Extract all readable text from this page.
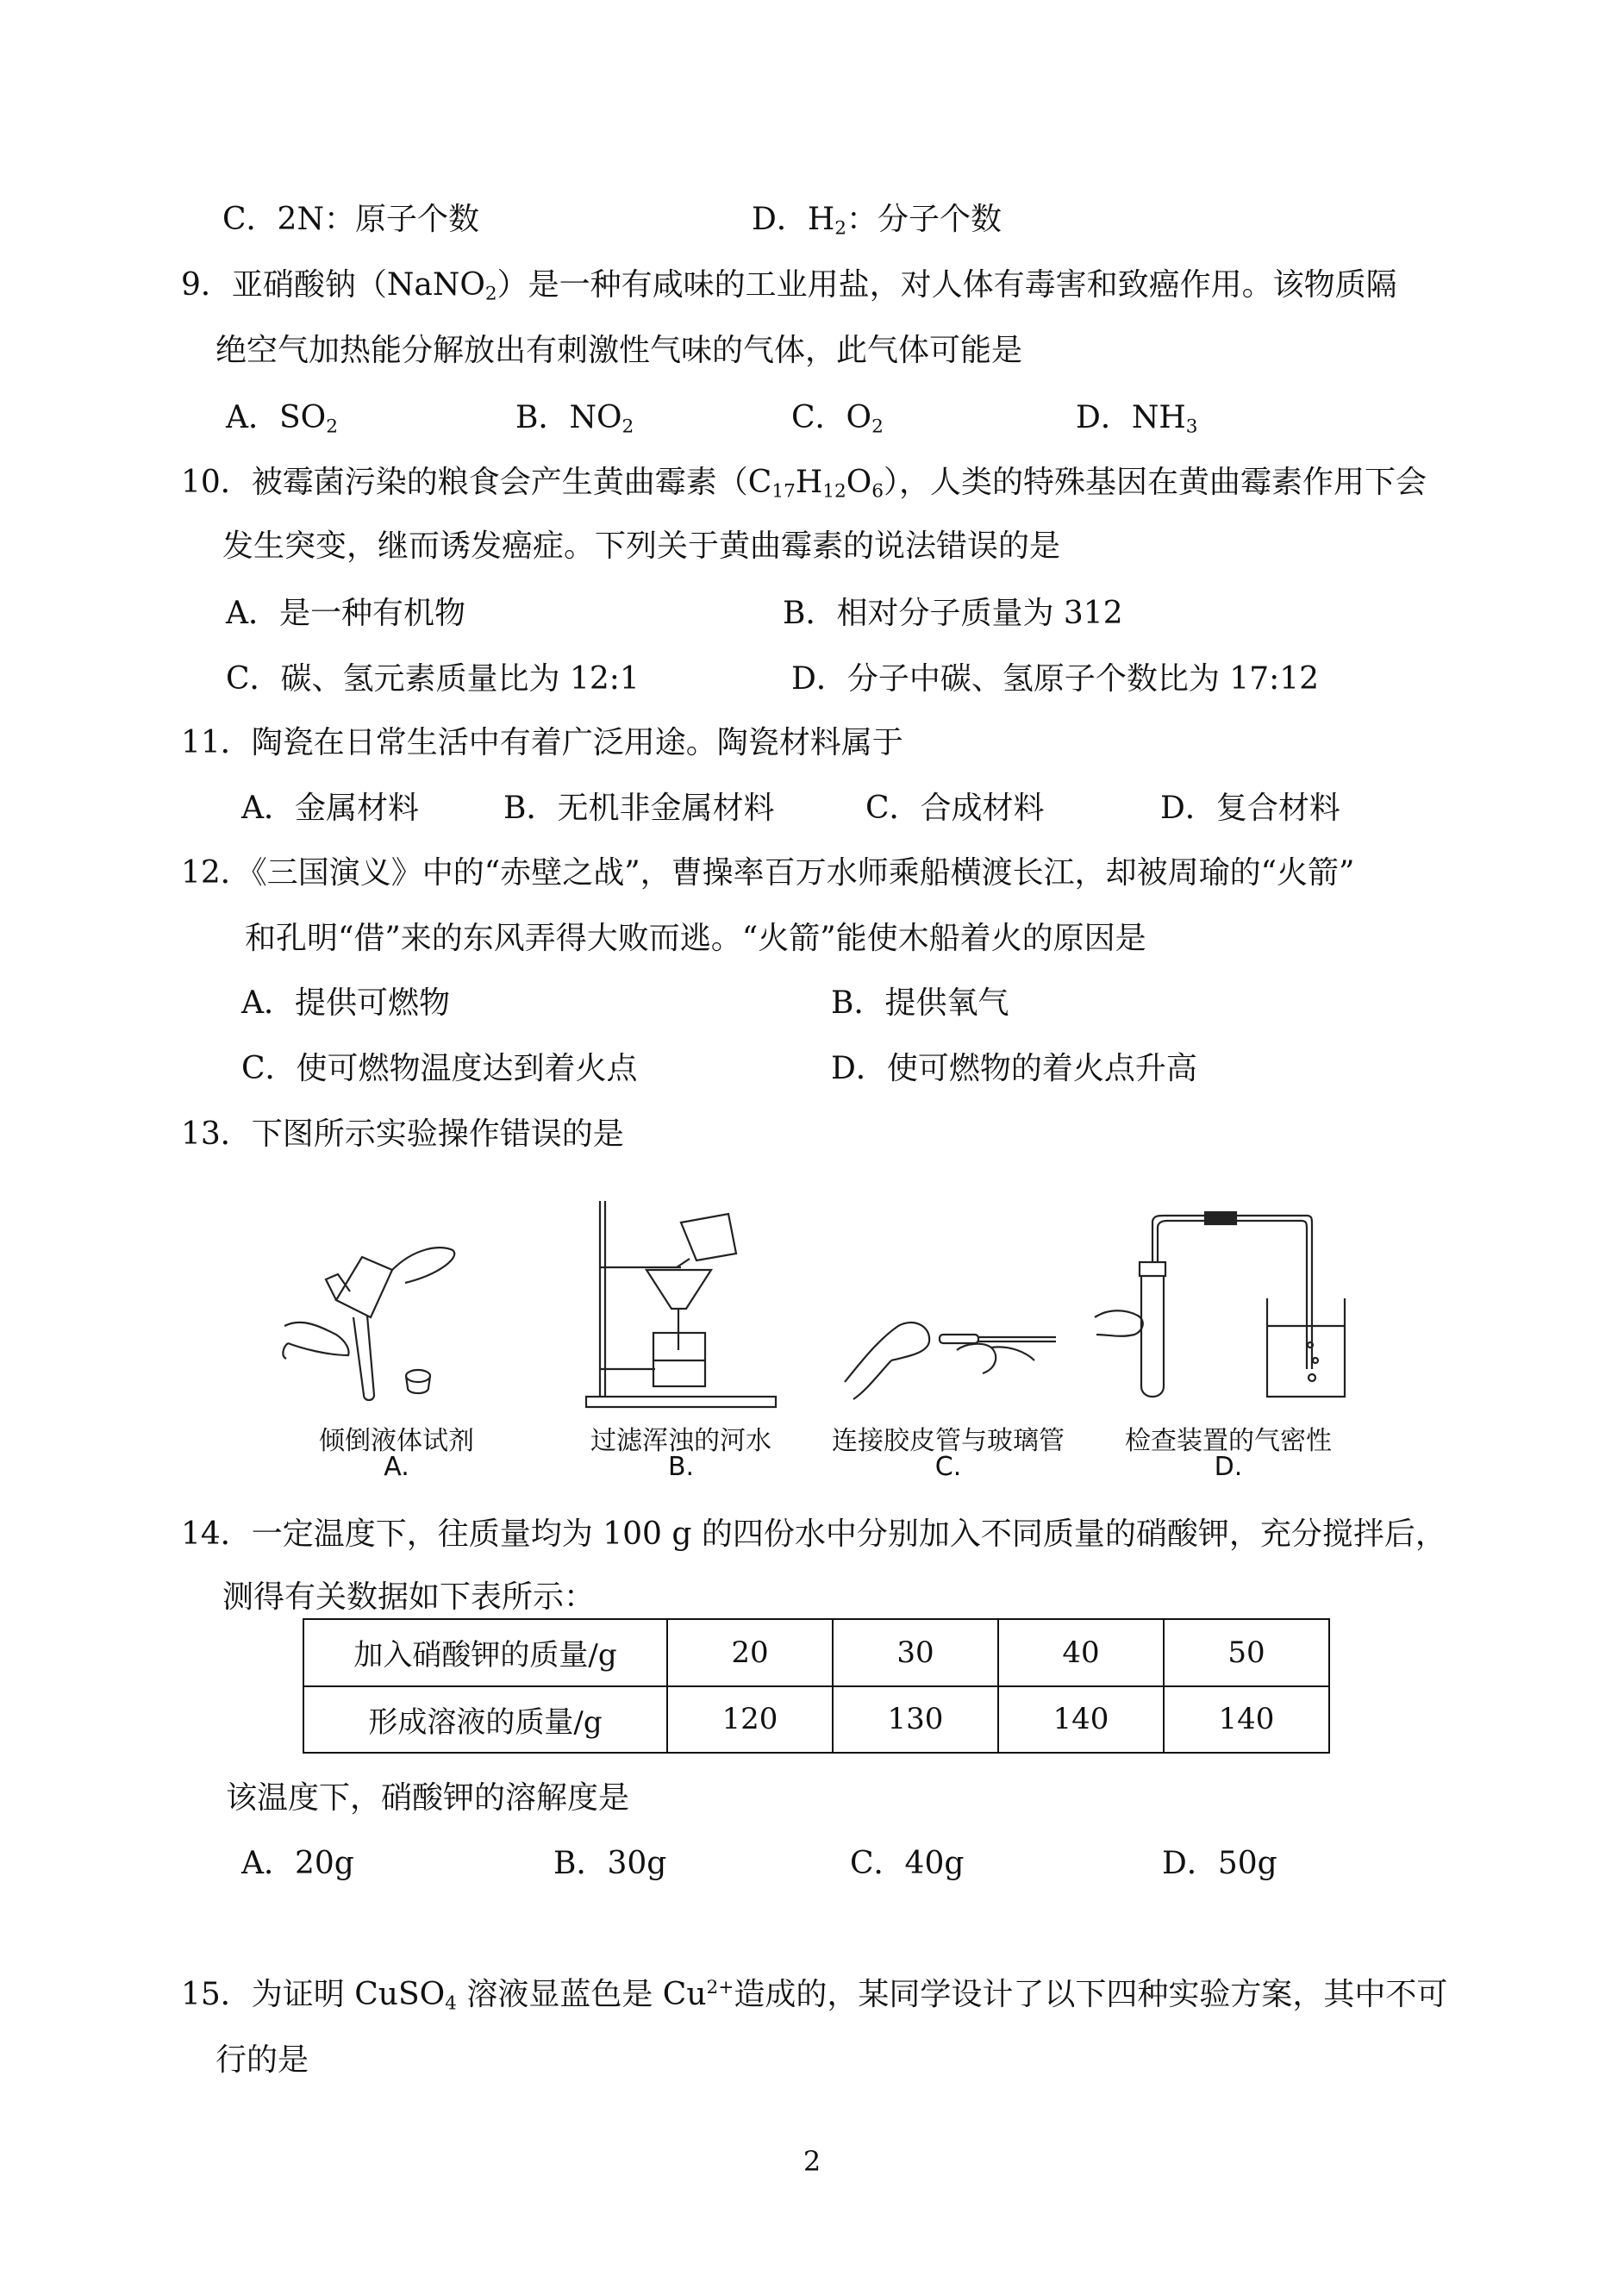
C．2N：原子个数	D．$H_2$：分子个数
9．亚硝酸钠（NaNO$_2$）是一种有咸味的工业用盐，对人体有毒害和致癌作用。该物质隔
绝空气加热能分解放出有刺激性气味的气体，此气体可能是
A．$SO_2$	B．$NO_2$	C．$O_2$	D．$NH_3$
10．被霉菌污染的粮食会产生黄曲霉素$(C_{17}H_{12}O_6)$，人类的特殊基因在黄曲霉素作用下会
发生突变，继而诱发癌症。下列关于黄曲霉素的说法错误的是
A．是一种有机物	B．相对分子质量为 312
C．碳、氢元素质量比为 12:1	D．分子中碳、氢原子个数比为 17:12
11．陶瓷在日常生活中有着广泛用途。陶瓷材料属于
A．金属材料	B．无机非金属材料	C．合成材料	D．复合材料
12．《三国演义》中的“赤壁之战”，曹操率百万水师乘船横渡长江，却被周瑜的“火箭”
和孔明“借”来的东风弄得大败而逃。“火箭”能使木船着火的原因是
A．提供可燃物	B．提供氧气
C．使可燃物温度达到着火点	D．使可燃物的着火点升高
13．下图所示实验操作错误的是
倾倒液体试剂
A.
过滤浑浊的河水
B.
连接胶皮管与玻璃管
C.
检查装置的气密性
D.
14．一定温度下，往质量均为 100 g 的四份水中分别加入不同质量的硝酸钾，充分搅拌后，
测得有关数据如下表所示：
加入硝酸钾的质量/g	20	30	40	50
形成溶液的质量/g	120	130	140	140
该温度下，硝酸钾的溶解度是
A．20g	B．30g	C．40g	D．50g
15．为证明 CuSO$_4$ 溶液显蓝色是 $Cu^{2+}$造成的，某同学设计了以下四种实验方案，其中不可
行的是
2
